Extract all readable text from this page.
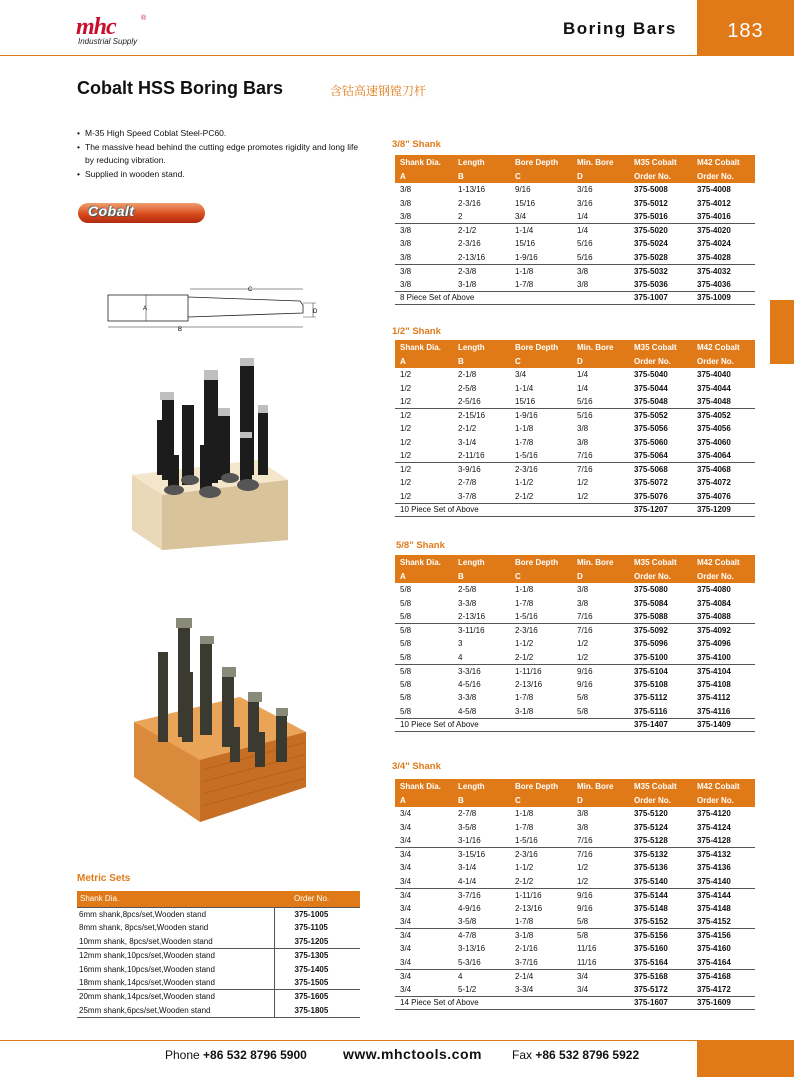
mhc	®
Industrial Supply
Boring Bars	183
Cobalt HSS Boring Bars	含钴高速钢镗刀杆
• M-35 High Speed Coblat Steel-PC60.
• The massive head behind the cutting edge promotes rigidity and long life by reducing vibration.
• Supplied in wooden stand.
Cobalt
C
B
A	D
3/8" Shank
Shank Dia.	Length	Bore Depth	Min. Bore	M35 Cobalt	M42 Cobalt
A	B	C	D	Order No.	Order No.
3/8	1-13/16	9/16	3/16	375-5008	375-4008
3/8	2-3/16	15/16	3/16	375-5012	375-4012
3/8	2	3/4	1/4	375-5016	375-4016
3/8	2-1/2	1-1/4	1/4	375-5020	375-4020
3/8	2-3/16	15/16	5/16	375-5024	375-4024
3/8	2-13/16	1-9/16	5/16	375-5028	375-4028
3/8	2-3/8	1-1/8	3/8	375-5032	375-4032
3/8	3-1/8	1-7/8	3/8	375-5036	375-4036
8 Piece Set of Above				375-1007	375-1009
1/2" Shank
Shank Dia.	Length	Bore Depth	Min. Bore	M35 Cobalt	M42 Cobalt
A	B	C	D	Order No.	Order No.
1/2	2-1/8	3/4	1/4	375-5040	375-4040
1/2	2-5/8	1-1/4	1/4	375-5044	375-4044
1/2	2-5/16	15/16	5/16	375-5048	375-4048
1/2	2-15/16	1-9/16	5/16	375-5052	375-4052
1/2	2-1/2	1-1/8	3/8	375-5056	375-4056
1/2	3-1/4	1-7/8	3/8	375-5060	375-4060
1/2	2-11/16	1-5/16	7/16	375-5064	375-4064
1/2	3-9/16	2-3/16	7/16	375-5068	375-4068
1/2	2-7/8	1-1/2	1/2	375-5072	375-4072
1/2	3-7/8	2-1/2	1/2	375-5076	375-4076
10 Piece Set of Above				375-1207	375-1209
5/8" Shank
Shank Dia.	Length	Bore Depth	Min. Bore	M35 Cobalt	M42 Cobalt
A	B	C	D	Order No.	Order No.
5/8	2-5/8	1-1/8	3/8	375-5080	375-4080
5/8	3-3/8	1-7/8	3/8	375-5084	375-4084
5/8	2-13/16	1-5/16	7/16	375-5088	375-4088
5/8	3-11/16	2-3/16	7/16	375-5092	375-4092
5/8	3	1-1/2	1/2	375-5096	375-4096
5/8	4	2-1/2	1/2	375-5100	375-4100
5/8	3-3/16	1-11/16	9/16	375-5104	375-4104
5/8	4-5/16	2-13/16	9/16	375-5108	375-4108
5/8	3-3/8	1-7/8	5/8	375-5112	375-4112
5/8	4-5/8	3-1/8	5/8	375-5116	375-4116
10 Piece Set of Above				375-1407	375-1409
3/4" Shank
Shank Dia.	Length	Bore Depth	Min. Bore	M35 Cobalt	M42 Cobalt
A	B	C	D	Order No.	Order No.
3/4	2-7/8	1-1/8	3/8	375-5120	375-4120
3/4	3-5/8	1-7/8	3/8	375-5124	375-4124
3/4	3-1/16	1-5/16	7/16	375-5128	375-4128
3/4	3-15/16	2-3/16	7/16	375-5132	375-4132
3/4	3-1/4	1-1/2	1/2	375-5136	375-4136
3/4	4-1/4	2-1/2	1/2	375-5140	375-4140
3/4	3-7/16	1-11/16	9/16	375-5144	375-4144
3/4	4-9/16	2-13/16	9/16	375-5148	375-4148
3/4	3-5/8	1-7/8	5/8	375-5152	375-4152
3/4	4-7/8	3-1/8	5/8	375-5156	375-4156
3/4	3-13/16	2-1/16	11/16	375-5160	375-4160
3/4	5-3/16	3-7/16	11/16	375-5164	375-4164
3/4	4	2-1/4	3/4	375-5168	375-4168
3/4	5-1/2	3-3/4	3/4	375-5172	375-4172
14 Piece Set of Above				375-1607	375-1609
Metric Sets
Shank Dia.	Order No.
6mm shank,8pcs/set,Wooden stand	375-1005
8mm shank, 8pcs/set,Wooden stand	375-1105
10mm shank, 8pcs/set,Wooden stand	375-1205
12mm shank,10pcs/set,Wooden stand	375-1305
16mm shank,10pcs/set,Wooden stand	375-1405
18mm shank,14pcs/set,Wooden stand	375-1505
20mm shank,14pcs/set,Wooden stand	375-1605
25mm shank,6pcs/set,Wooden stand	375-1805
Phone +86 532 8796 5900	www.mhctools.com	Fax +86 532 8796 5922
